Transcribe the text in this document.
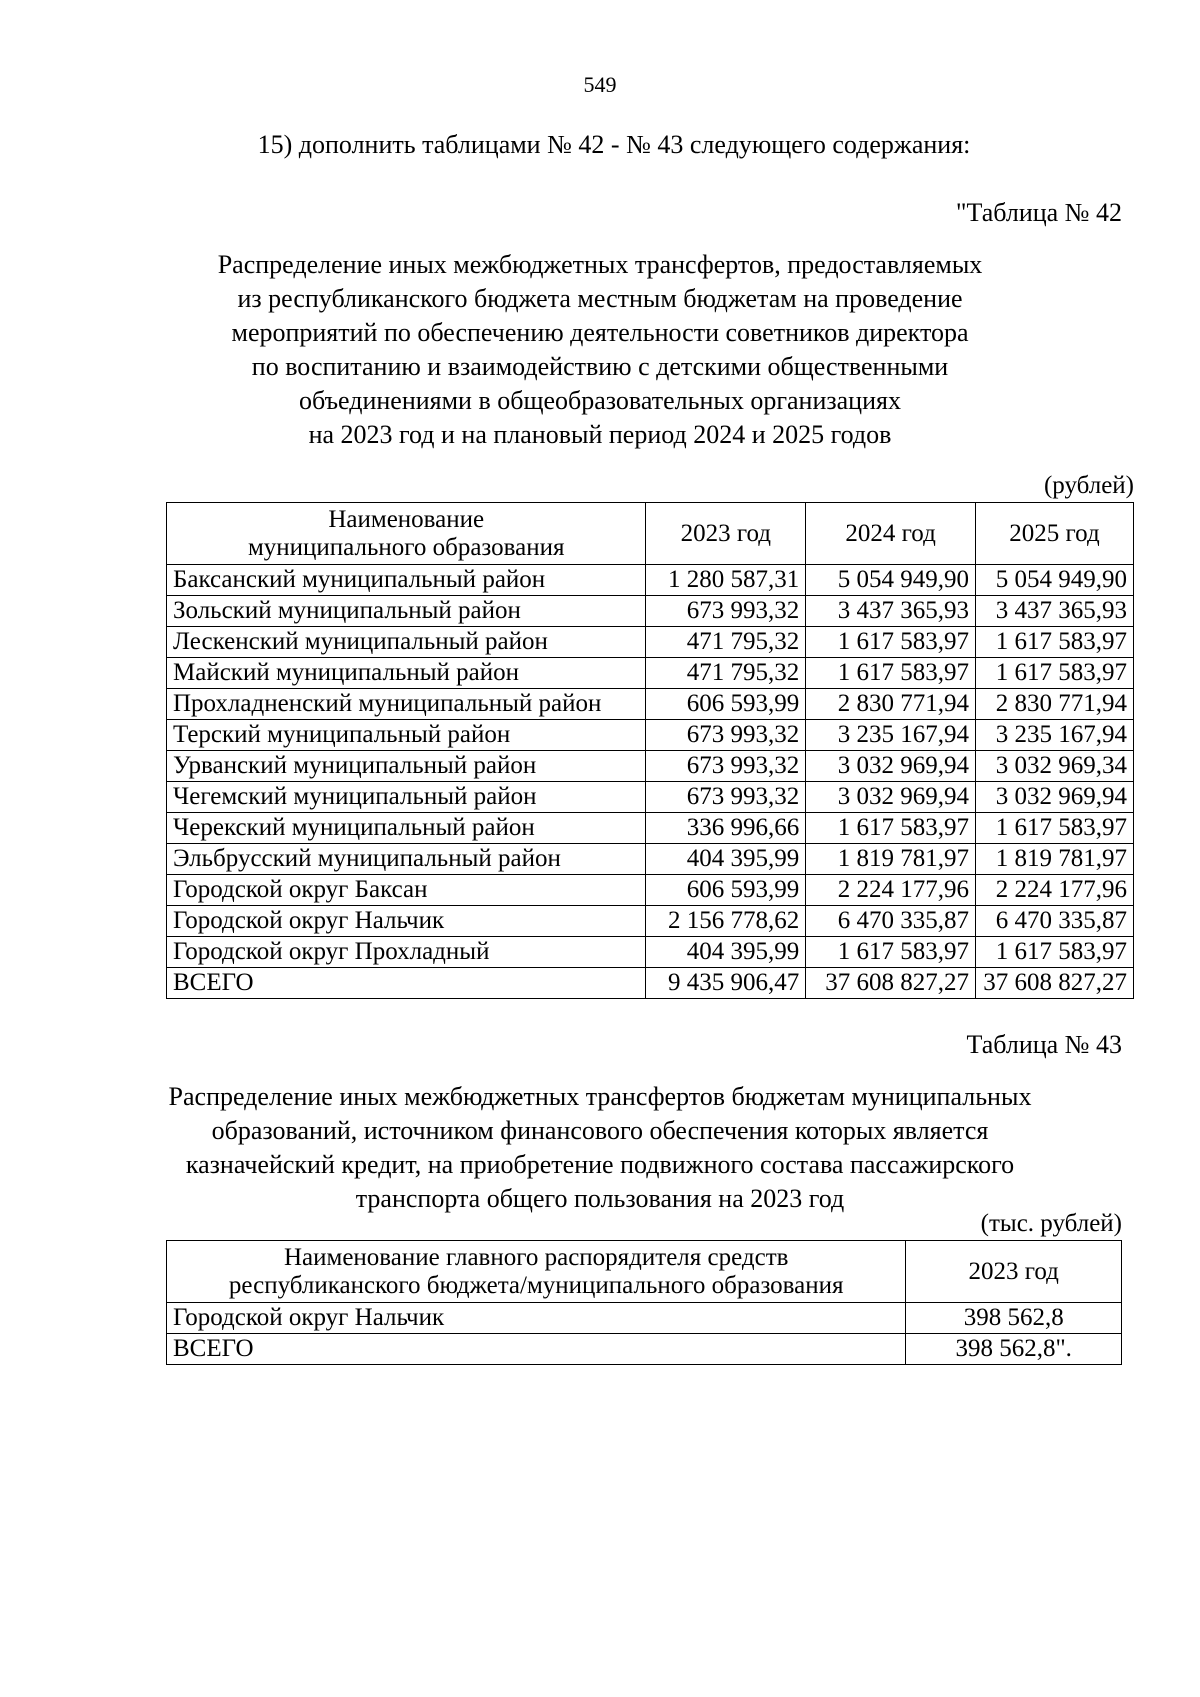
549
15) дополнить таблицами № 42 - № 43 следующего содержания:
"Таблица № 42
Распределение иных межбюджетных трансфертов, предоставляемых
из республиканского бюджета местным бюджетам на проведение
мероприятий по обеспечению деятельности советников директора
по воспитанию и взаимодействию с детскими общественными
объединениями в общеобразовательных организациях
на 2023 год и на плановый период 2024 и 2025 годов
(рублей)
Наименование
муниципального образования	2023 год	2024 год	2025 год
Баксанский муниципальный район	1 280 587,31	5 054 949,90	5 054 949,90
Зольский муниципальный район	673 993,32	3 437 365,93	3 437 365,93
Лескенский муниципальный район	471 795,32	1 617 583,97	1 617 583,97
Майский муниципальный район	471 795,32	1 617 583,97	1 617 583,97
Прохладненский муниципальный район	606 593,99	2 830 771,94	2 830 771,94
Терский муниципальный район	673 993,32	3 235 167,94	3 235 167,94
Урванский муниципальный район	673 993,32	3 032 969,94	3 032 969,34
Чегемский муниципальный район	673 993,32	3 032 969,94	3 032 969,94
Черекский муниципальный район	336 996,66	1 617 583,97	1 617 583,97
Эльбрусский муниципальный район	404 395,99	1 819 781,97	1 819 781,97
Городской округ Баксан	606 593,99	2 224 177,96	2 224 177,96
Городской округ Нальчик	2 156 778,62	6 470 335,87	6 470 335,87
Городской округ Прохладный	404 395,99	1 617 583,97	1 617 583,97
ВСЕГО	9 435 906,47	37 608 827,27	37 608 827,27
Таблица № 43
Распределение иных межбюджетных трансфертов бюджетам муниципальных
образований, источником финансового обеспечения которых является
казначейский кредит, на приобретение подвижного состава пассажирского
транспорта общего пользования на 2023 год
(тыс. рублей)
Наименование главного распорядителя средств
республиканского бюджета/муниципального образования	2023 год
Городской округ Нальчик	398 562,8
ВСЕГО	398 562,8".
